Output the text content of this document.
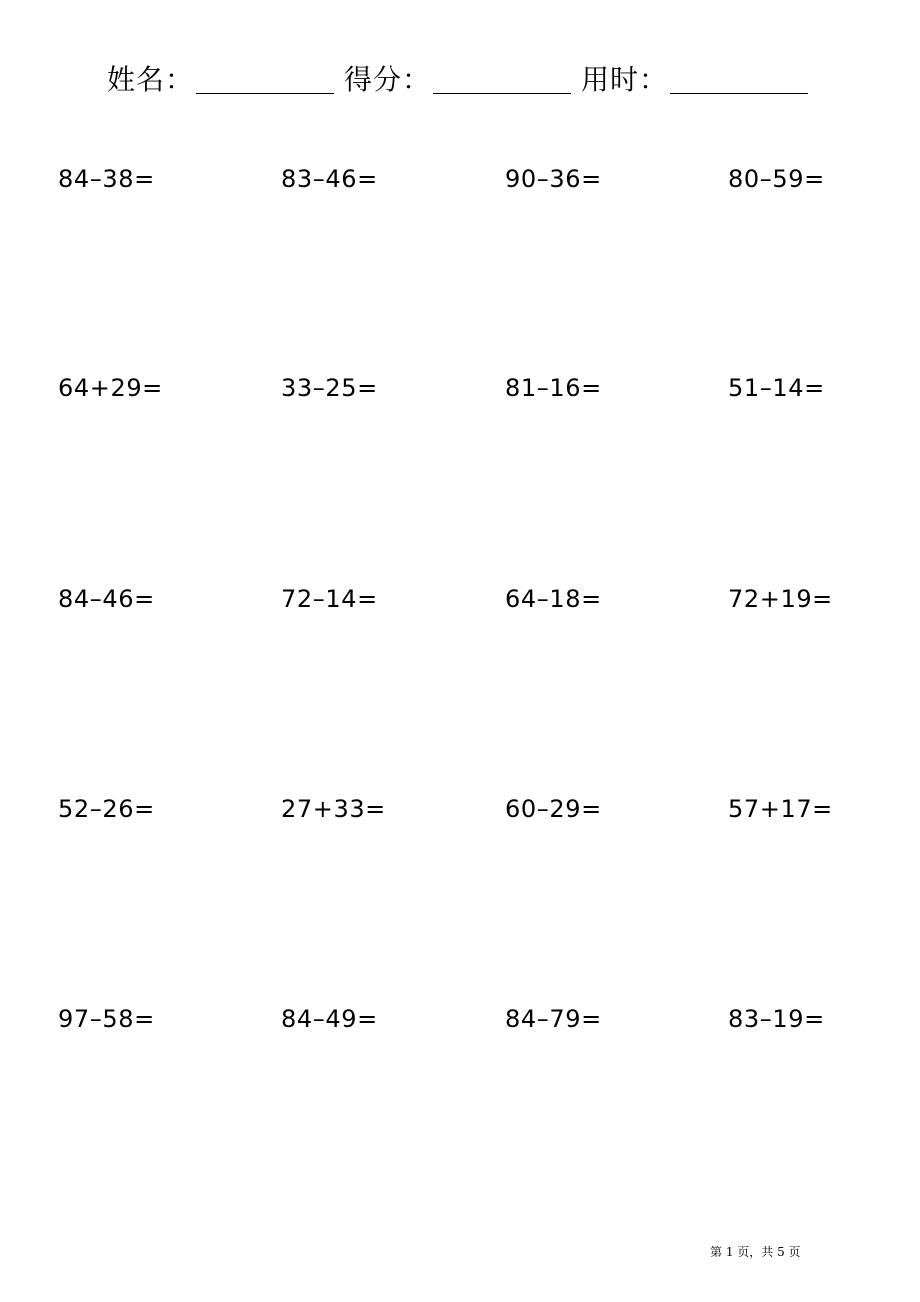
姓名：	得分：	用时：
84–38=	83–46=	90–36=	80–59=
64+29=	33–25=	81–16=	51–14=
84–46=	72–14=	64–18=	72+19=
52–26=	27+33=	60–29=	57+17=
97–58=	84–49=	84–79=	83–19=
第 1 页，共 5 页
